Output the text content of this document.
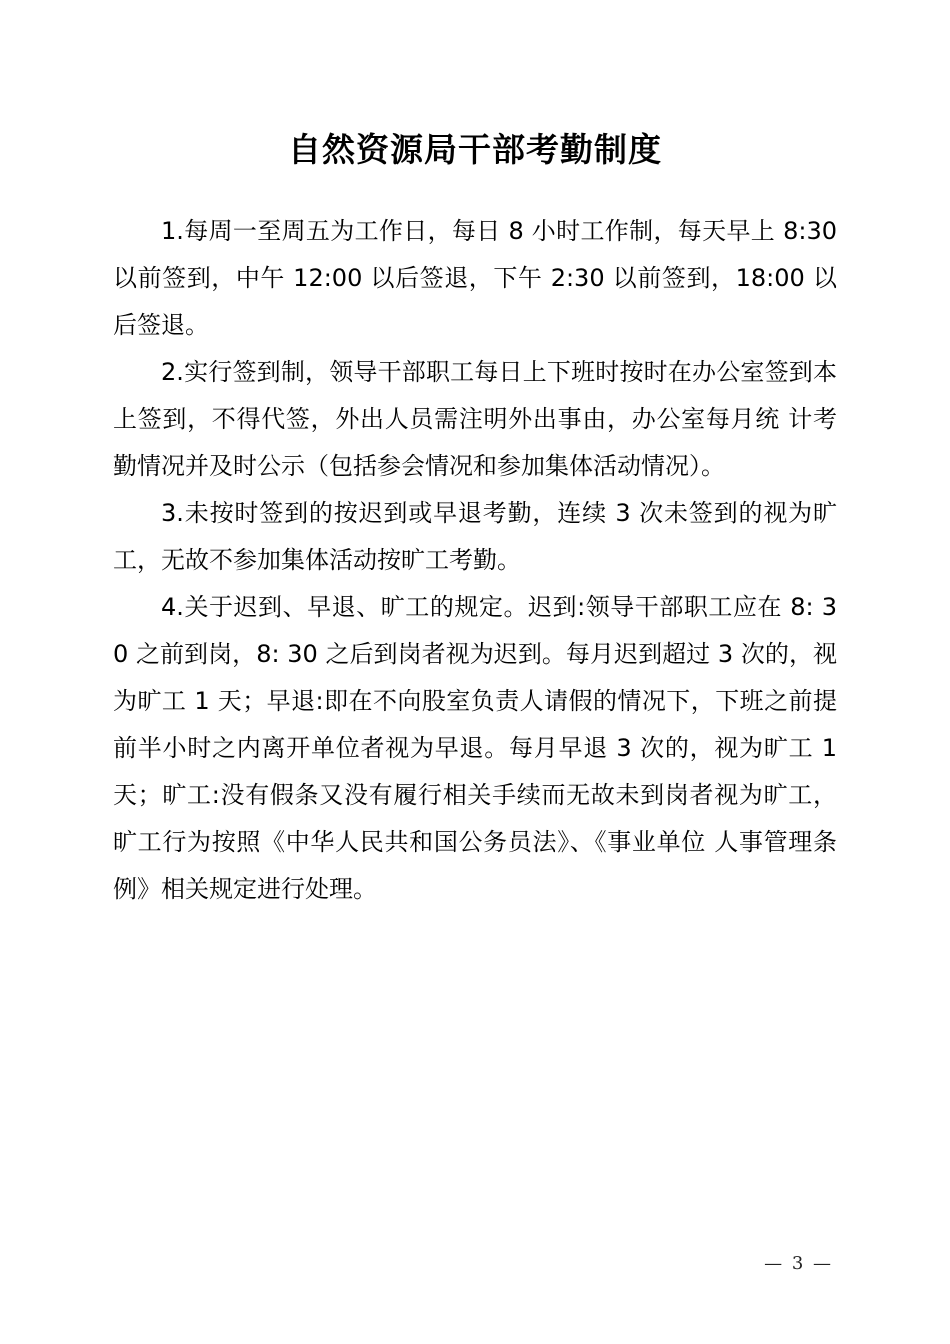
自然资源局干部考勤制度

1.每周一至周五为工作日，每日 8 小时工作制，每天早上 8:30 以前签到，中午 12:00 以后签退，下午 2:30 以前签到，18:00 以后签退。

2.实行签到制，领导干部职工每日上下班时按时在办公室签到本上签到，不得代签，外出人员需注明外出事由，办公室每月统 计考勤情况并及时公示（包括参会情况和参加集体活动情况）。

3.未按时签到的按迟到或早退考勤，连续 3 次未签到的视为旷工，无故不参加集体活动按旷工考勤。

4.关于迟到、早退、旷工的规定。迟到:领导干部职工应在 8: 30 之前到岗，8: 30 之后到岗者视为迟到。每月迟到超过 3 次的，视为旷工 1 天；早退:即在不向股室负责人请假的情况下，下班之前提前半小时之内离开单位者视为早退。每月早退 3 次的，视为旷工 1 天；旷工:没有假条又没有履行相关手续而无故未到岗者视为旷工，旷工行为按照《中华人民共和国公务员法》、《事业单位 人事管理条例》相关规定进行处理。

— 3 —
